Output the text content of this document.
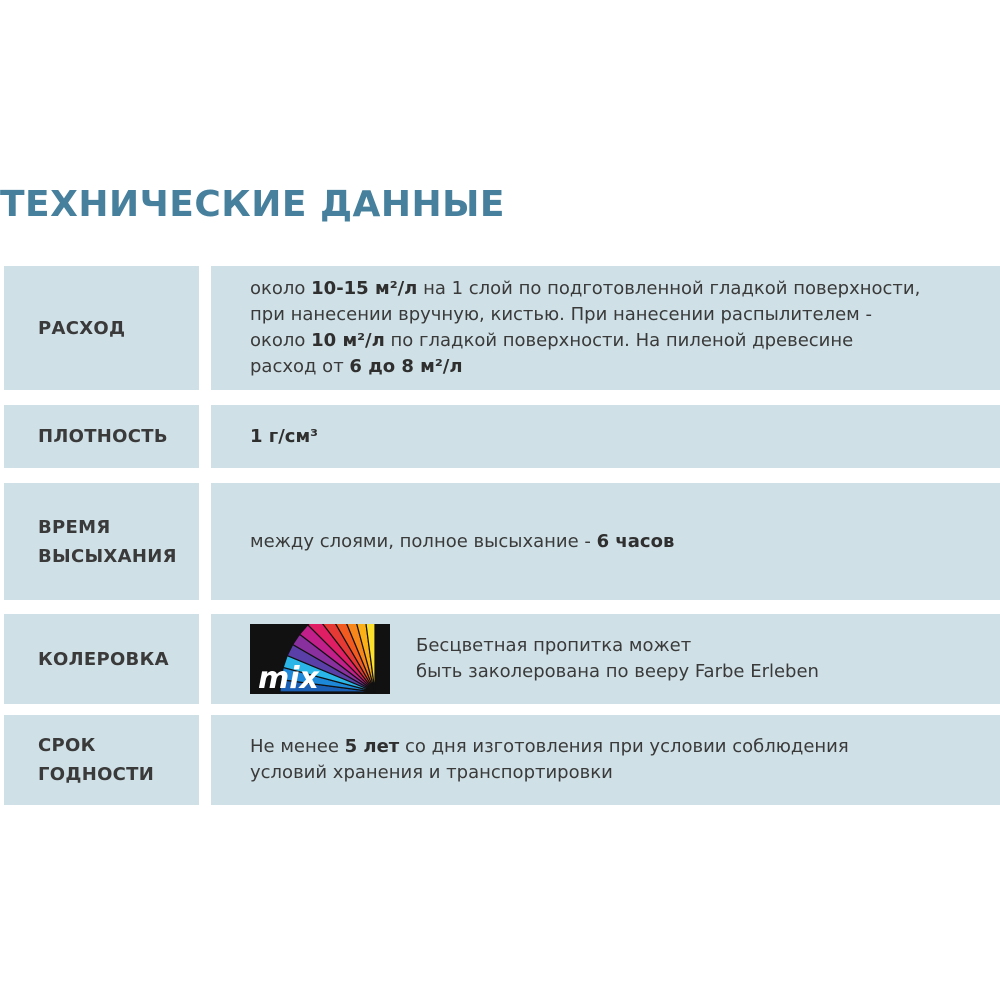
ТЕХНИЧЕСКИЕ ДАННЫЕ
РАСХОД
около 10-15 м²/л на 1 слой по подготовленной гладкой поверхности,
при нанесении вручную, кистью. При нанесении распылителем -
около 10 м²/л по гладкой поверхности. На пиленой древесине
расход от 6 до 8 м²/л
ПЛОТНОСТЬ	1 г/см³
ВРЕМЯ
ВЫСЫХАНИЯ
между слоями, полное высыхание - 6 часов
КОЛЕРОВКА
mix
Бесцветная пропитка может
быть заколерована по вееру Farbe Erleben
СРОК
ГОДНОСТИ
Не менее 5 лет со дня изготовления при условии соблюдения
условий хранения и транспортировки
